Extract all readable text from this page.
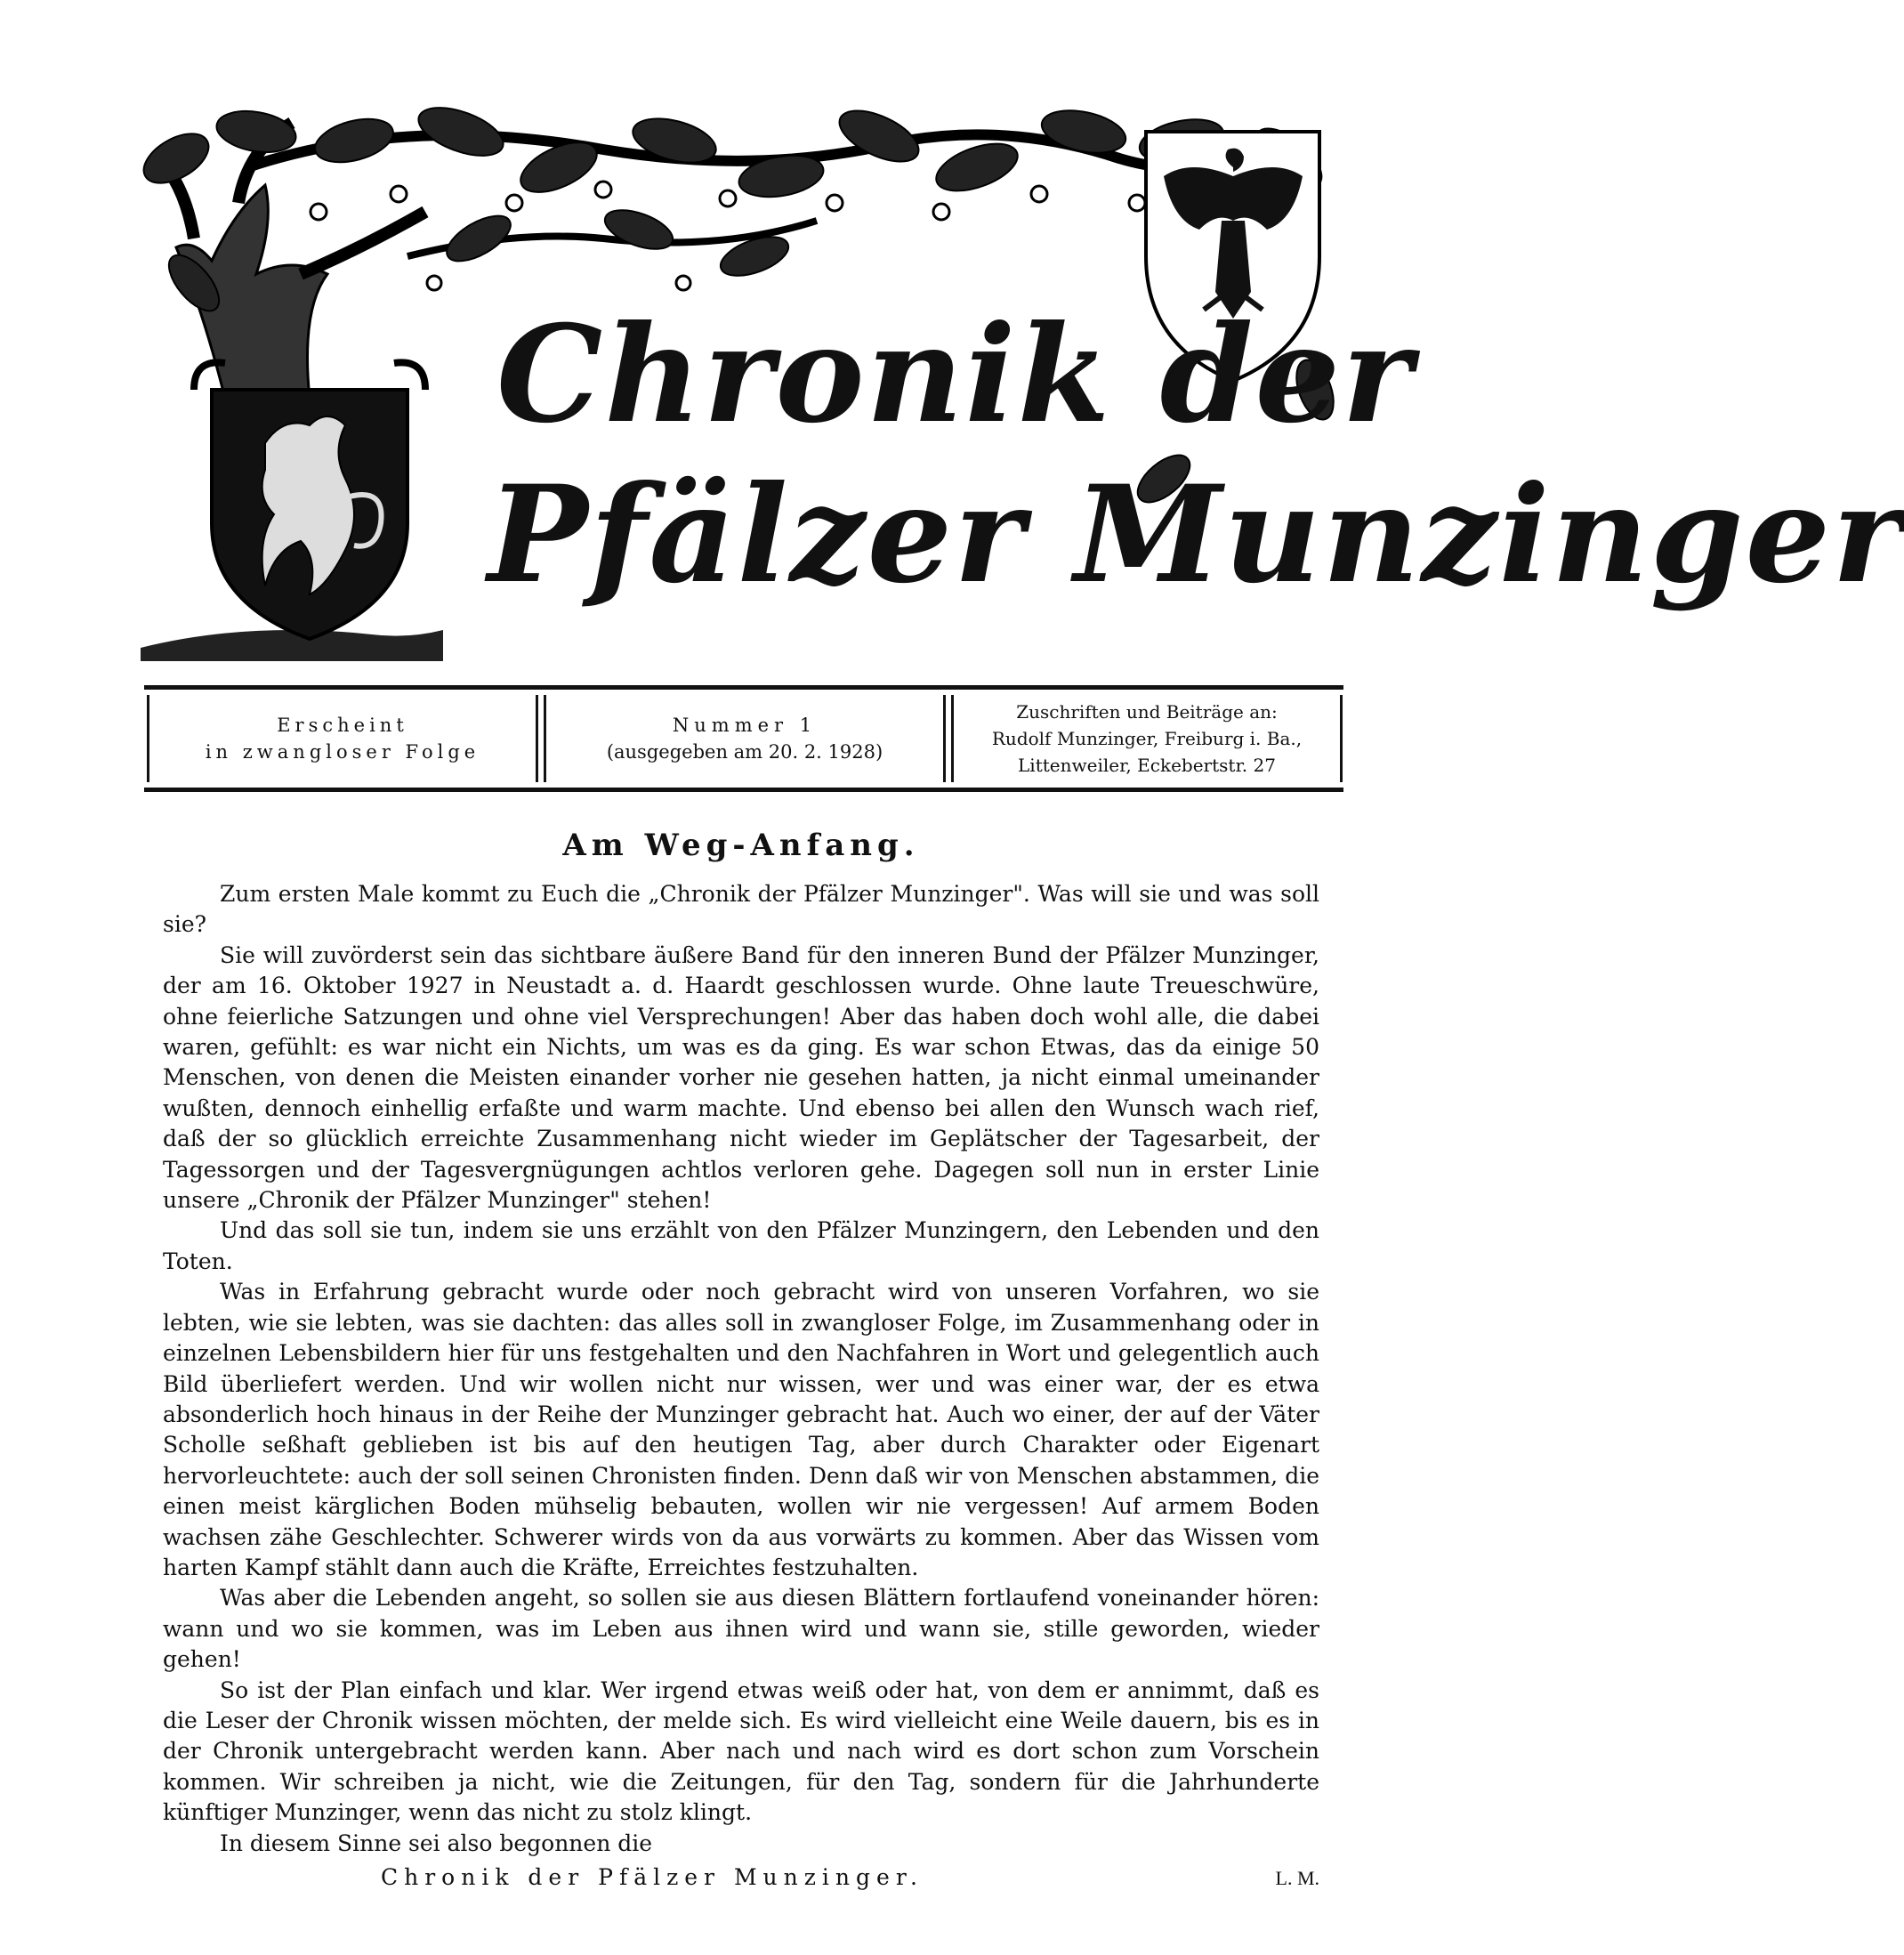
Chronik der
Pfälzer Munzinger
Erscheint
in zwangloser Folge
Nummer 1
(ausgegeben am 20. 2. 1928)
Zuschriften und Beiträge an:
Rudolf Munzinger, Freiburg i. Ba.,
Littenweiler, Eckebertstr. 27
Am Weg-Anfang.

Zum ersten Male kommt zu Euch die „Chronik der Pfälzer Munzinger". Was will sie und was soll sie?

Sie will zuvörderst sein das sichtbare äußere Band für den inneren Bund der Pfälzer Munzinger, der am 16. Oktober 1927 in Neustadt a. d. Haardt geschlossen wurde. Ohne laute Treueschwüre, ohne feierliche Satzungen und ohne viel Versprechungen! Aber das haben doch wohl alle, die dabei waren, gefühlt: es war nicht ein Nichts, um was es da ging. Es war schon Etwas, das da einige 50 Menschen, von denen die Meisten einander vorher nie gesehen hatten, ja nicht einmal umeinander wußten, dennoch einhellig erfaßte und warm machte. Und ebenso bei allen den Wunsch wach rief, daß der so glücklich erreichte Zusammenhang nicht wieder im Geplätscher der Tagesarbeit, der Tagessorgen und der Tagesvergnügungen achtlos verloren gehe. Dagegen soll nun in erster Linie unsere „Chronik der Pfälzer Munzinger" stehen!

Und das soll sie tun, indem sie uns erzählt von den Pfälzer Munzingern, den Lebenden und den Toten.

Was in Erfahrung gebracht wurde oder noch gebracht wird von unseren Vorfahren, wo sie lebten, wie sie lebten, was sie dachten: das alles soll in zwangloser Folge, im Zusammenhang oder in einzelnen Lebensbildern hier für uns festgehalten und den Nachfahren in Wort und gelegentlich auch Bild überliefert werden. Und wir wollen nicht nur wissen, wer und was einer war, der es etwa absonderlich hoch hinaus in der Reihe der Munzinger gebracht hat. Auch wo einer, der auf der Väter Scholle seßhaft geblieben ist bis auf den heutigen Tag, aber durch Charakter oder Eigenart hervorleuchtete: auch der soll seinen Chronisten finden. Denn daß wir von Menschen abstammen, die einen meist kärglichen Boden mühselig bebauten, wollen wir nie vergessen! Auf armem Boden wachsen zähe Geschlechter. Schwerer wirds von da aus vorwärts zu kommen. Aber das Wissen vom harten Kampf stählt dann auch die Kräfte, Erreichtes festzuhalten.

Was aber die Lebenden angeht, so sollen sie aus diesen Blättern fortlaufend voneinander hören: wann und wo sie kommen, was im Leben aus ihnen wird und wann sie, stille geworden, wieder gehen!

So ist der Plan einfach und klar. Wer irgend etwas weiß oder hat, von dem er annimmt, daß es die Leser der Chronik wissen möchten, der melde sich. Es wird vielleicht eine Weile dauern, bis es in der Chronik untergebracht werden kann. Aber nach und nach wird es dort schon zum Vorschein kommen. Wir schreiben ja nicht, wie die Zeitungen, für den Tag, sondern für die Jahrhunderte künftiger Munzinger, wenn das nicht zu stolz klingt.

In diesem Sinne sei also begonnen die

Chronik der Pfälzer Munzinger.	L. M.
